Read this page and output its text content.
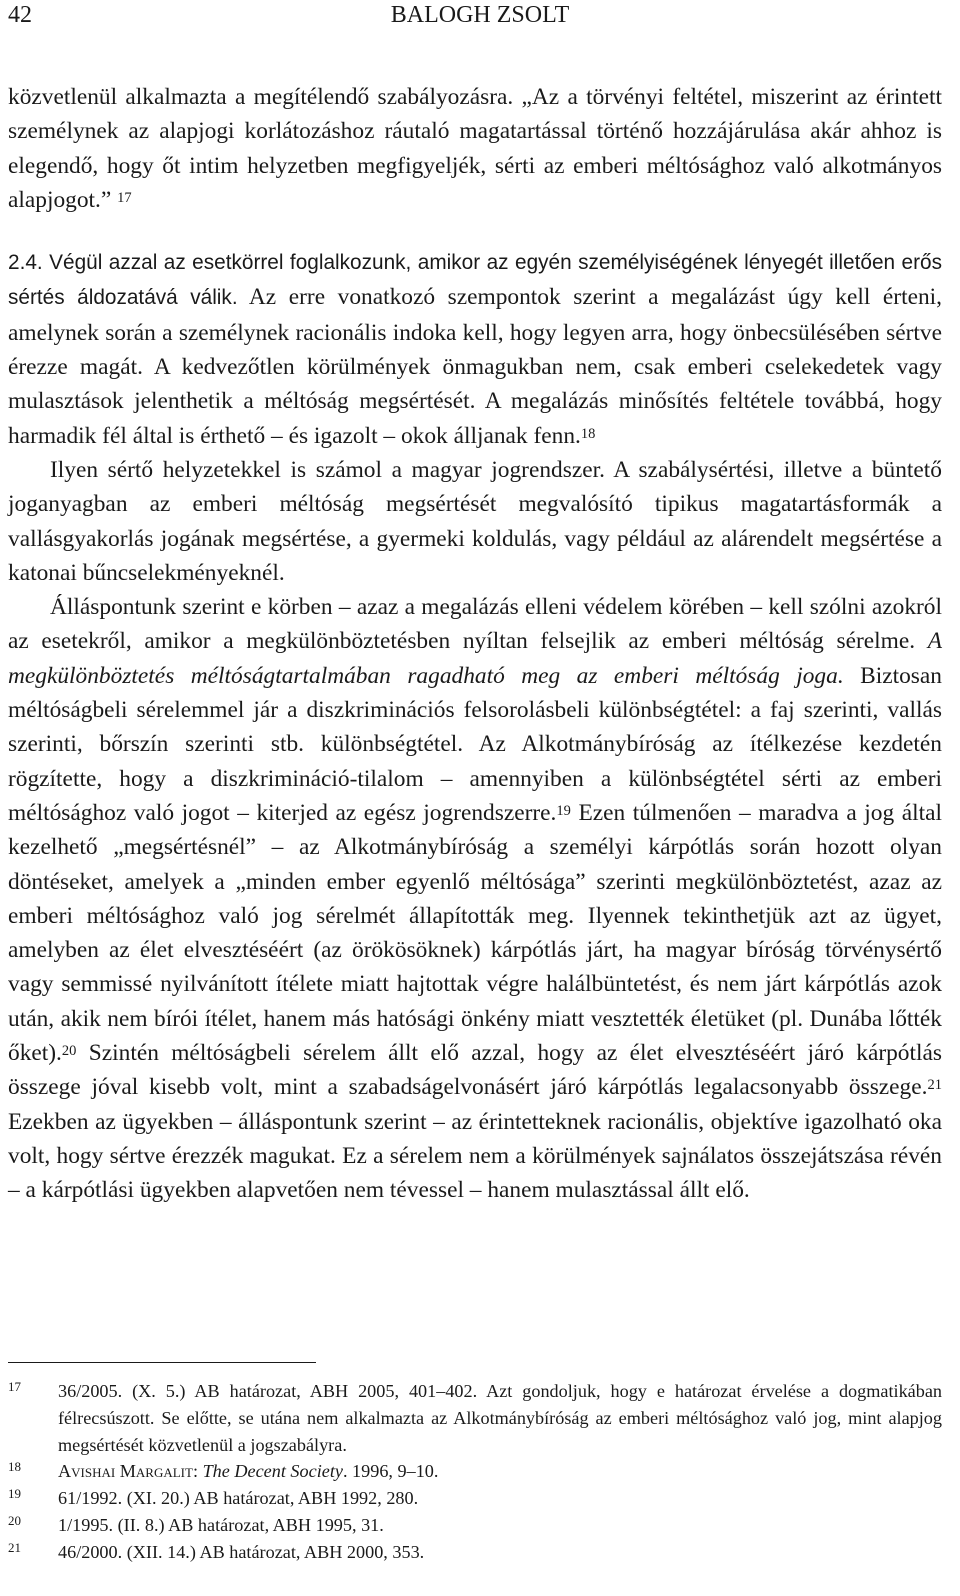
42	BALOGH ZSOLT

közvetlenül alkalmazta a megítélendő szabályozásra. „Az a törvényi feltétel, miszerint az érintett személynek az alapjogi korlátozáshoz ráutaló magatartással történő hozzájárulása akár ahhoz is elegendő, hogy őt intim helyzetben megfigyeljék, sérti az emberi méltósághoz való alkotmányos alapjogot.” $^{17}$

2.4. Végül azzal az esetkörrel foglalkozunk, amikor az egyén személyiségének lényegét illetően erős sértés áldozatává válik. Az erre vonatkozó szempontok szerint a megalázást úgy kell érteni, amelynek során a személynek racionális indoka kell, hogy legyen arra, hogy önbecsülésében sértve érezze magát. A kedvezőtlen körülmények önmagukban nem, csak emberi cselekedetek vagy mulasztások jelenthetik a méltóság megsértését. A megalázás minősítés feltétele továbbá, hogy harmadik fél által is érthető – és igazolt – okok álljanak fenn.$^{18}$

Ilyen sértő helyzetekkel is számol a magyar jogrendszer. A szabálysértési, illetve a büntető joganyagban az emberi méltóság megsértését megvalósító tipikus magatartásformák a vallásgyakorlás jogának megsértése, a gyermeki koldulás, vagy például az alárendelt megsértése a katonai bűncselekményeknél.

Álláspontunk szerint e körben – azaz a megalázás elleni védelem körében – kell szólni azokról az esetekről, amikor a megkülönböztetésben nyíltan felsejlik az emberi méltóság sérelme. A megkülönböztetés méltóságtartalmában ragadható meg az emberi méltóság joga. Biztosan méltóságbeli sérelemmel jár a diszkriminációs felsorolásbeli különbségtétel: a faj szerinti, vallás szerinti, bőrszín szerinti stb. különbségtétel. Az Alkotmánybíróság az ítélkezése kezdetén rögzítette, hogy a diszkrimináció-tilalom – amennyiben a különbségtétel sérti az emberi méltósághoz való jogot – kiterjed az egész jogrendszerre.$^{19}$ Ezen túlmenően – maradva a jog által kezelhető „megsértésnél” – az Alkotmánybíróság a személyi kárpótlás során hozott olyan döntéseket, amelyek a „minden ember egyenlő méltósága” szerinti megkülönböztetést, azaz az emberi méltósághoz való jog sérelmét állapították meg. Ilyennek tekinthetjük azt az ügyet, amelyben az élet elvesztéséért (az örökösöknek) kárpótlás járt, ha magyar bíróság törvénysértő vagy semmissé nyilvánított ítélete miatt hajtottak végre halálbüntetést, és nem járt kárpótlás azok után, akik nem bírói ítélet, hanem más hatósági önkény miatt vesztették életüket (pl. Dunába lőtték őket).$^{20}$ Szintén méltóságbeli sérelem állt elő azzal, hogy az élet elvesztéséért járó kárpótlás összege jóval kisebb volt, mint a szabadságelvonásért járó kárpótlás legalacsonyabb összege.$^{21}$ Ezekben az ügyekben – álláspontunk szerint – az érintetteknek racionális, objektíve igazolható oka volt, hogy sértve érezzék magukat. Ez a sérelem nem a körülmények sajnálatos összejátszása révén – a kárpótlási ügyekben alapvetően nem tévessel – hanem mulasztással állt elő.

17 36/2005. (X. 5.) AB határozat, ABH 2005, 401–402. Azt gondoljuk, hogy e határozat érvelése a dogmatikában félrecsúszott. Se előtte, se utána nem alkalmazta az Alkotmánybíróság az emberi méltósághoz való jog, mint alapjog megsértését közvetlenül a jogszabályra.
18 Avishai Margalit: The Decent Society. 1996, 9–10.
19 61/1992. (XI. 20.) AB határozat, ABH 1992, 280.
20 1/1995. (II. 8.) AB határozat, ABH 1995, 31.
21 46/2000. (XII. 14.) AB határozat, ABH 2000, 353.
